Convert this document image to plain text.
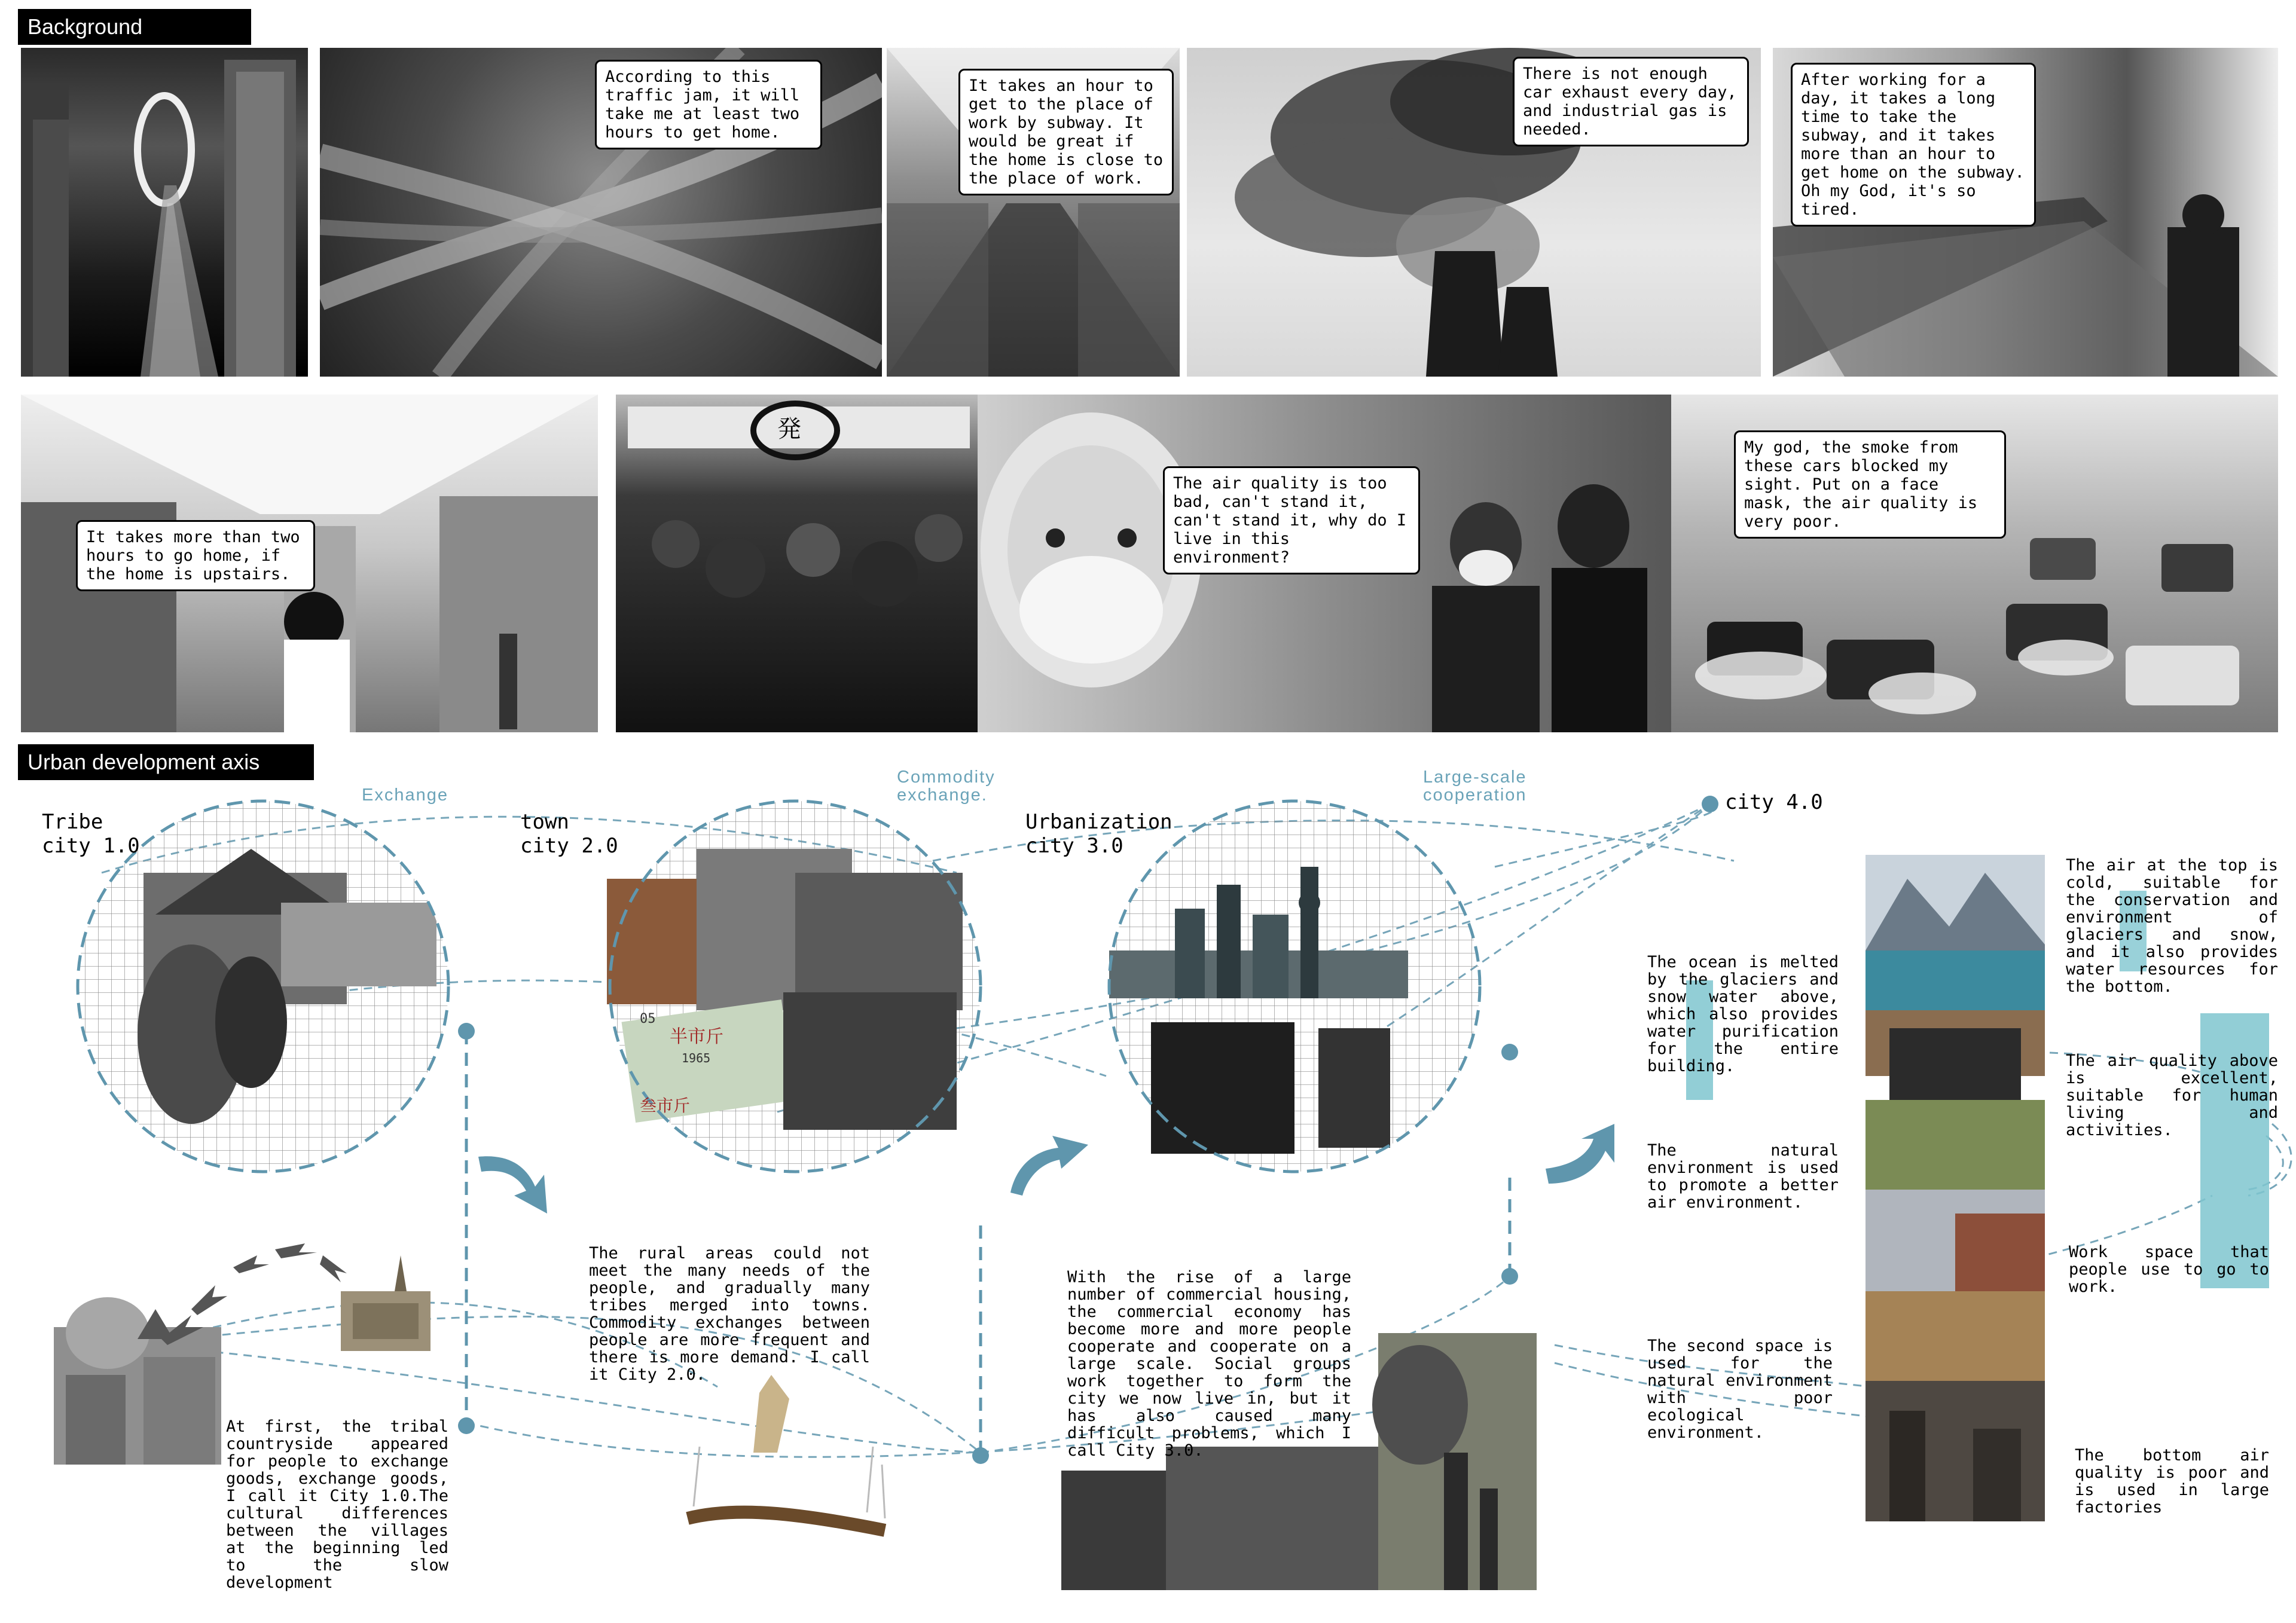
Background
According to this traffic jam, it will take me at least two hours to get home.
It takes an hour to get to the place of work by subway. It would be great if the home is close to the place of work.
There is not enough car exhaust every day, and industrial gas is needed.
After working for a day, it takes a long time to take the subway, and it takes more than an hour to get home on the subway. Oh my God, it's so tired.
It takes more than two hours to go home, if the home is upstairs.
発
The air quality is too bad, can't stand it, can't stand it, why do I live in this environment?
My god, the smoke from these cars blocked my sight. Put on a face mask, the air quality is very poor.
Urban development axis
半市斤
1965
05
叁市斤
Tribe
city 1.0
town
city 2.0
Urbanization
city 3.0
city 4.0
Exchange
Commodity
exchange.
Large-scale
cooperation
At first, the tribal countryside appeared for people to exchange goods, exchange goods, I call it City 1.0.The cultural differences between the villages at the beginning led to the slow development
The rural areas could not meet the many needs of the people, and gradually many tribes merged into towns. Commodity exchanges between people are more frequent and there is more demand. I call it City 2.0.
With the rise of a large number of commercial housing, the commercial economy has become more and more people cooperate and cooperate on a large scale. Social groups work together to form the city we now live in, but it has also caused many difficult problems, which I call City 3.0.
The ocean is melted by the glaciers and snow water above, which also provides water purification for the entire building.
The natural environment is used to promote a better air environment.
The second space is used for the natural environment with poor ecological environment.
The air at the top is cold, suitable for the conservation and environment of glaciers and snow, and it also provides water resources for the bottom.
The air quality above is excellent, suitable for human living and activities.
Work space that people use to go to work.
The bottom air quality is poor and is used in large factories
